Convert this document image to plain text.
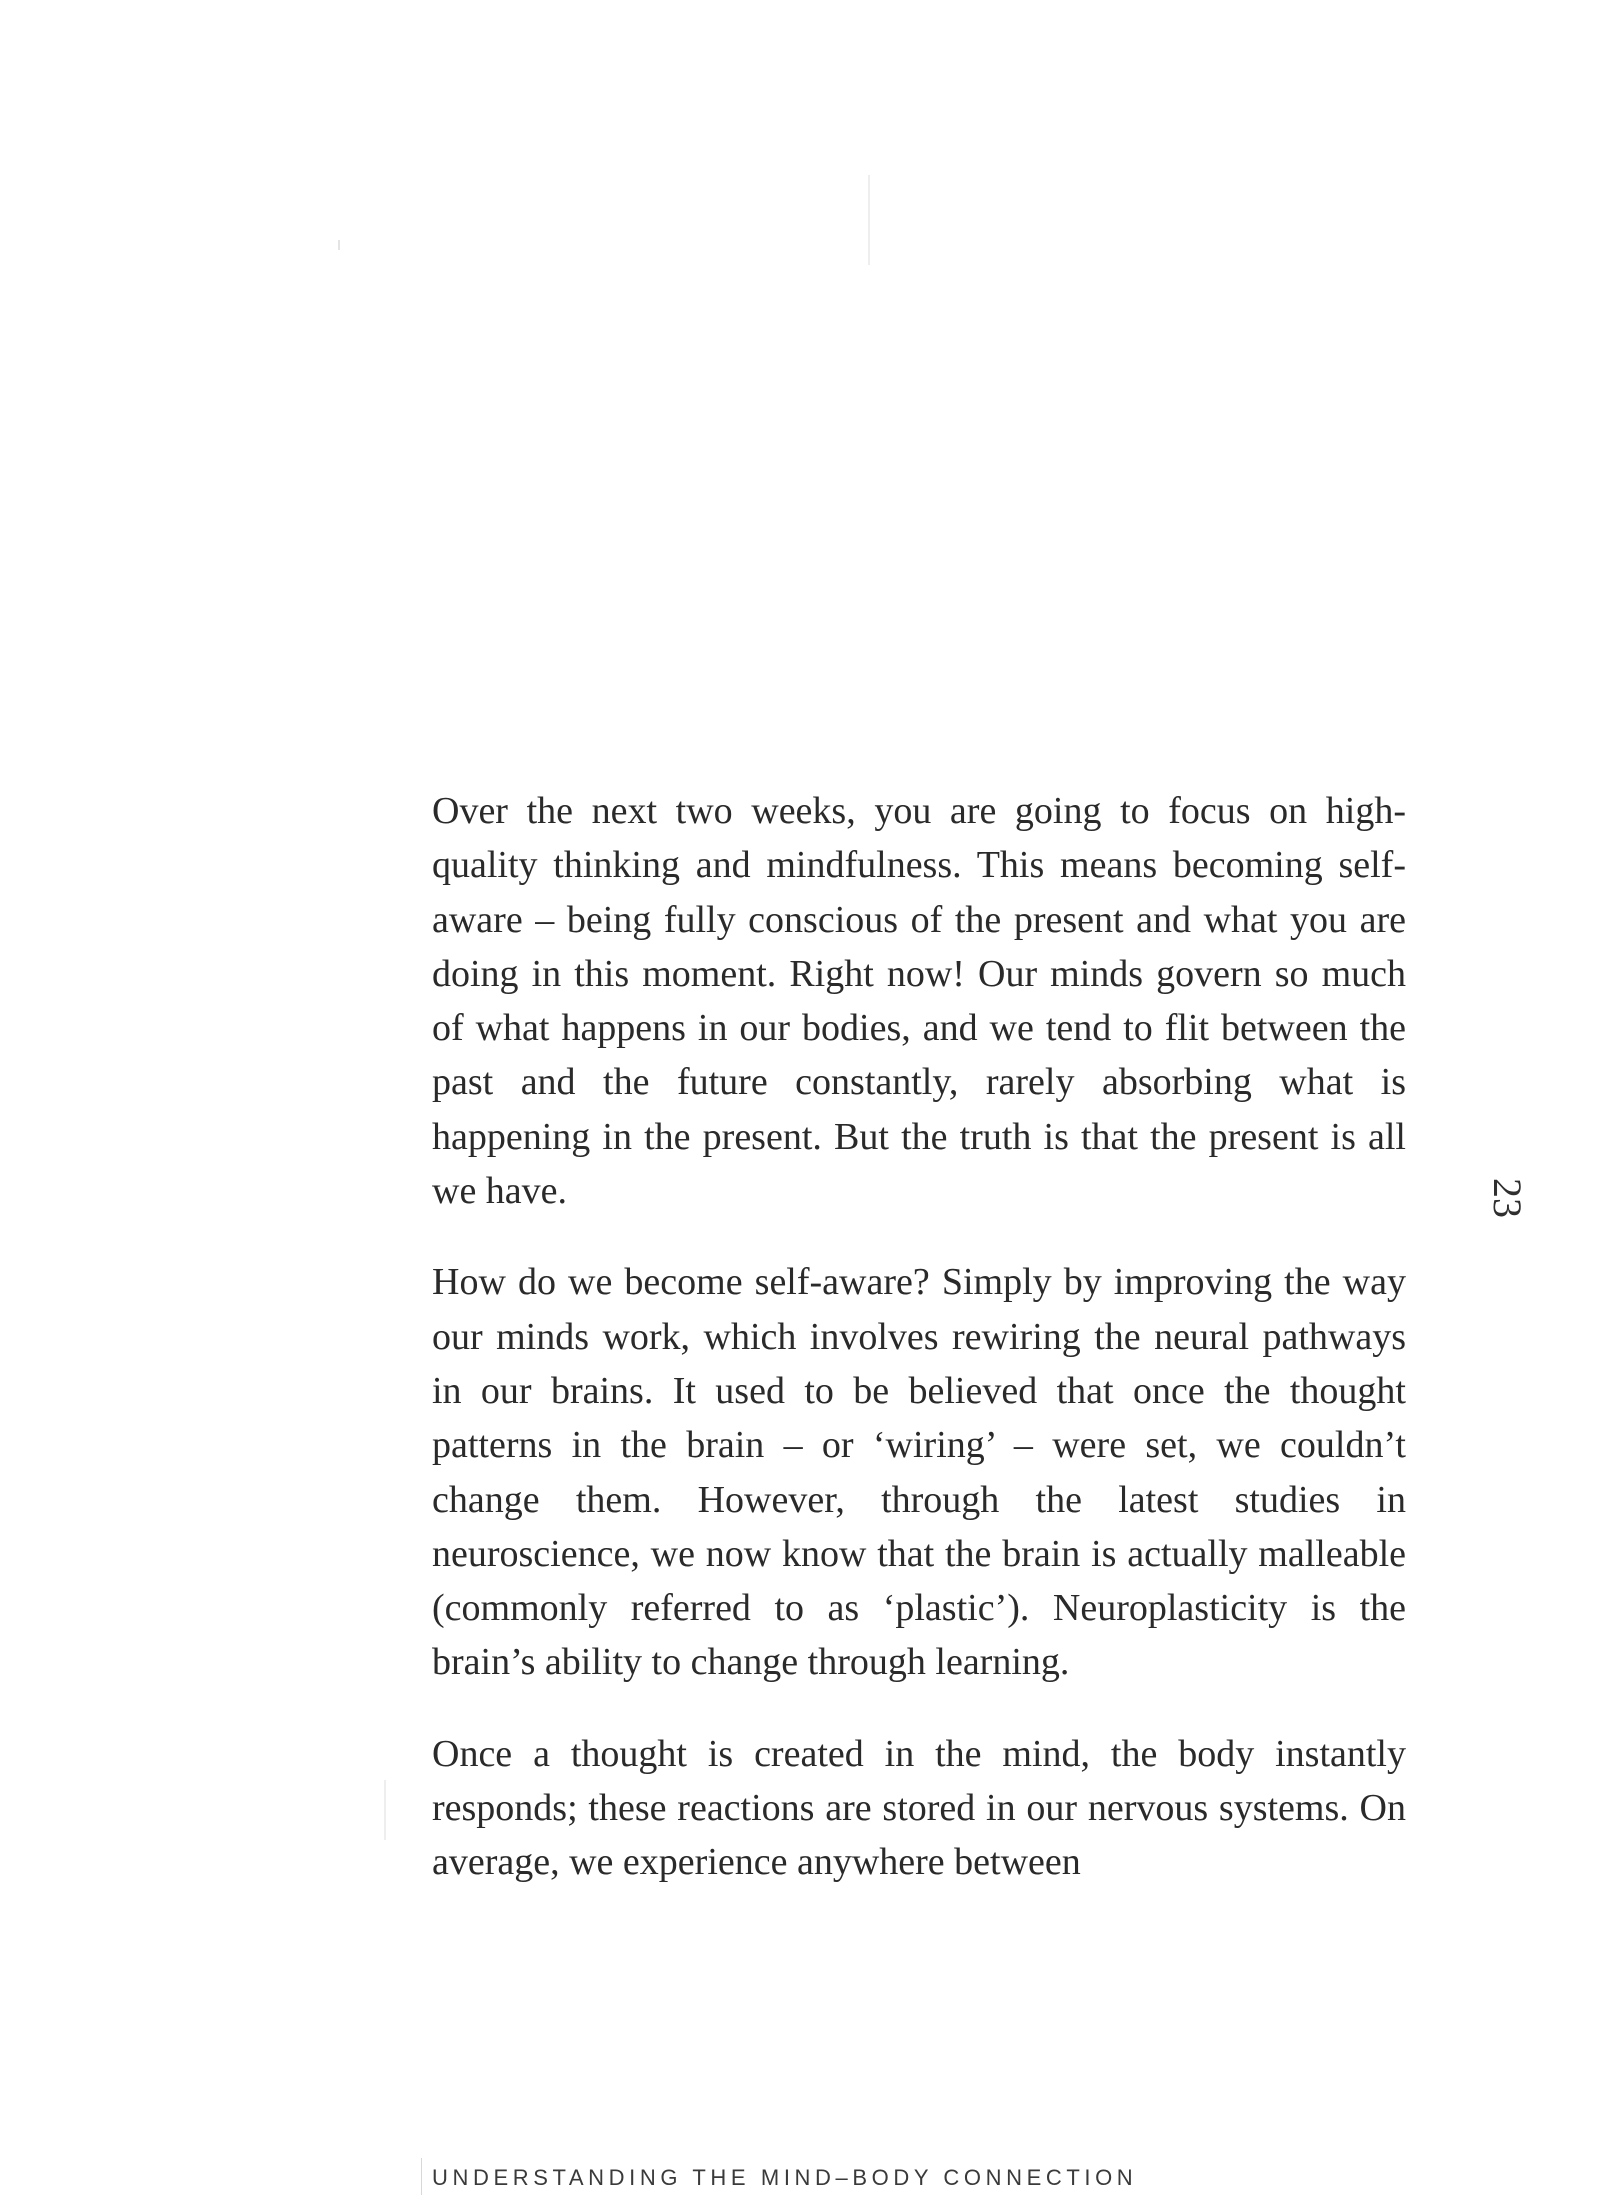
Over the next two weeks, you are going to focus on high-quality thinking and mindfulness. This means becoming self-aware – being fully conscious of the present and what you are doing in this moment. Right now! Our minds govern so much of what happens in our bodies, and we tend to flit between the past and the future constantly, rarely absorbing what is happening in the present. But the truth is that the present is all we have.

How do we become self-aware? Simply by improving the way our minds work, which involves rewiring the neural pathways in our brains. It used to be believed that once the thought patterns in the brain – or ‘wiring’ – were set, we couldn’t change them. However, through the latest studies in neuroscience, we now know that the brain is actually malleable (commonly referred to as ‘plastic’). Neuroplasticity is the brain’s ability to change through learning.

Once a thought is created in the mind, the body instantly responds; these reactions are stored in our nervous systems. On average, we experience anywhere between

23
UNDERSTANDING THE MIND–BODY CONNECTION
